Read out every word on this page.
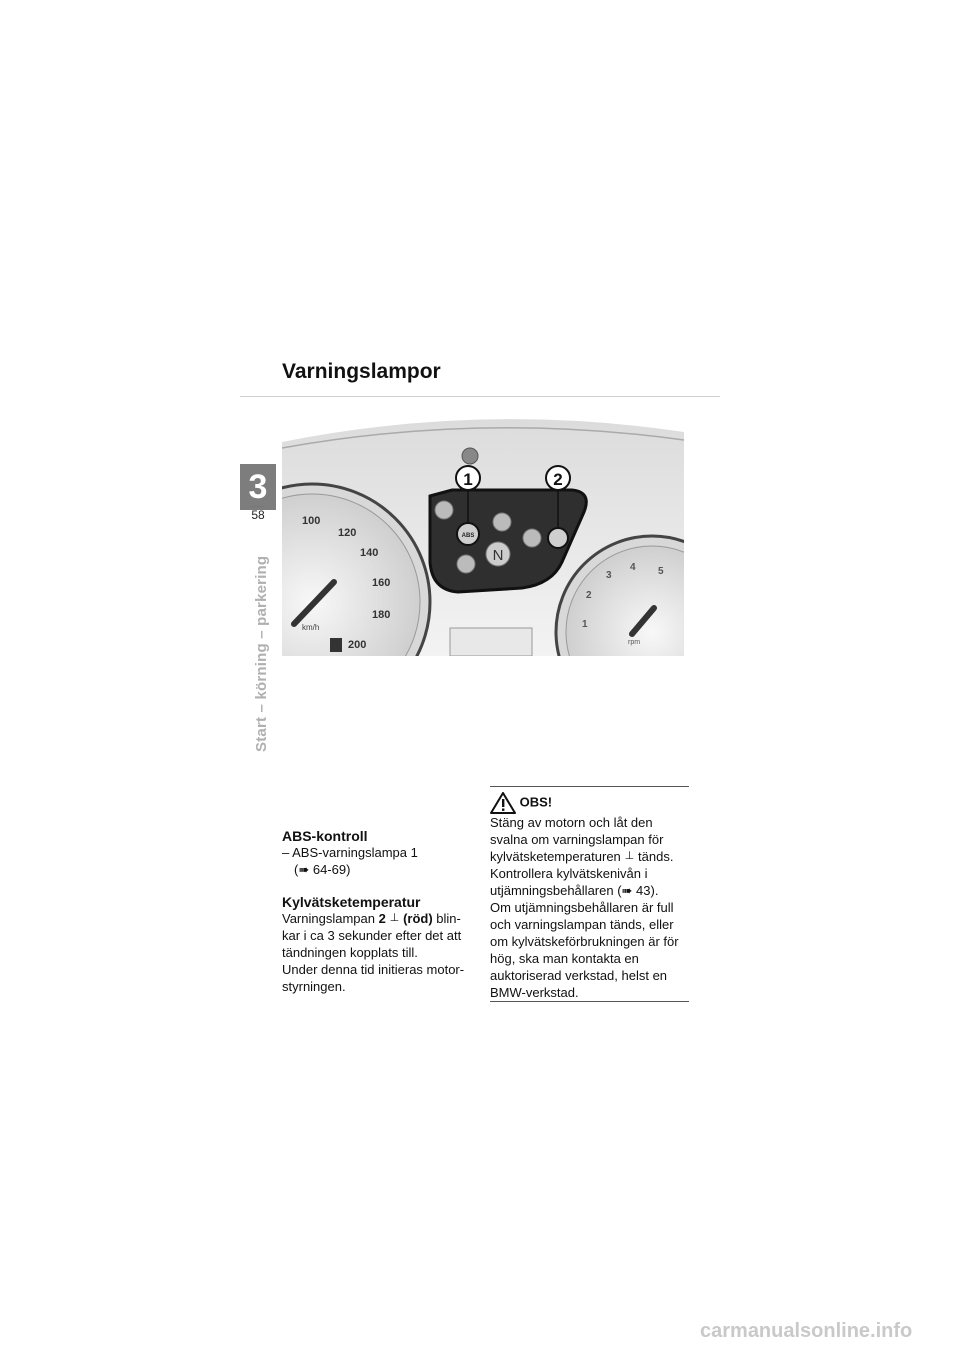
Varningslampor
3
58
Start – körning – parkering
100
120
140
160
180
200
km/h
ABS
N
1	2
1
2
3
4 5
rpm
ABS-kontroll
– ABS-varningslampa 1
(➠ 64-69)
Kylvätsketemperatur
Varningslampan 2 ⊥ (röd) blin-kar i ca 3 sekunder efter det att tändningen kopplats till.
Under denna tid initieras motor-styrningen.
OBS!
Stäng av motorn och låt den svalna om varningslampan för kylvätsketemperaturen ⊥ tänds.
Kontrollera kylvätskenivån i utjämningsbehållaren (➠ 43).
Om utjämningsbehållaren är full och varningslampan tänds, eller om kylvätskeförbrukningen är för hög, ska man kontakta en auktoriserad verkstad, helst en BMW-verkstad.
carmanualsonline.info
